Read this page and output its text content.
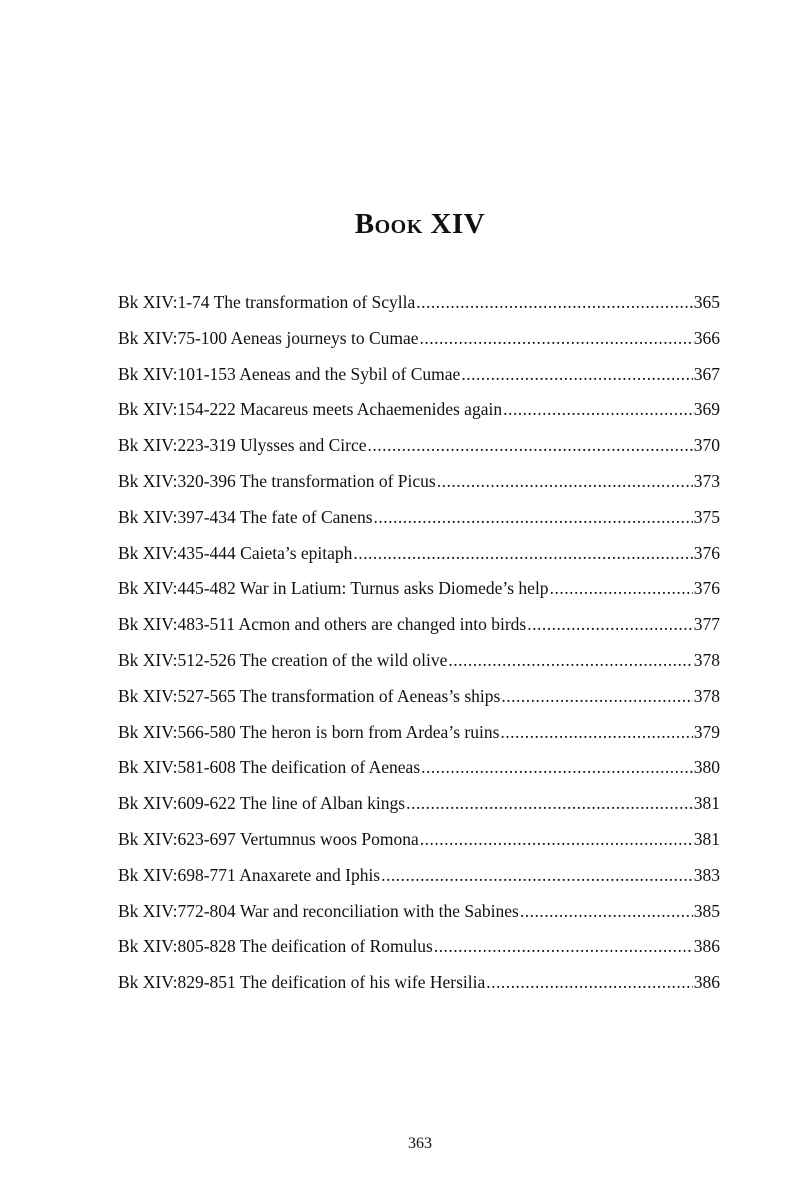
Book XIV
Bk XIV:1-74 The transformation of Scylla .....	365
Bk XIV:75-100 Aeneas journeys to Cumae .....	366
Bk XIV:101-153 Aeneas and the Sybil of Cumae .....	367
Bk XIV:154-222 Macareus meets Achaemenides again .....	369
Bk XIV:223-319 Ulysses and Circe .....	370
Bk XIV:320-396 The transformation of Picus .....	373
Bk XIV:397-434 The fate of Canens .....	375
Bk XIV:435-444 Caieta’s epitaph .....	376
Bk XIV:445-482 War in Latium: Turnus asks Diomede’s help .....	376
Bk XIV:483-511 Acmon and others are changed into birds .....	377
Bk XIV:512-526 The creation of the wild olive .....	378
Bk XIV:527-565 The transformation of Aeneas’s ships .....	378
Bk XIV:566-580 The heron is born from Ardea’s ruins .....	379
Bk XIV:581-608 The deification of Aeneas .....	380
Bk XIV:609-622 The line of Alban kings .....	381
Bk XIV:623-697 Vertumnus woos Pomona .....	381
Bk XIV:698-771 Anaxarete and Iphis .....	383
Bk XIV:772-804 War and reconciliation with the Sabines .....	385
Bk XIV:805-828 The deification of Romulus .....	386
Bk XIV:829-851 The deification of his wife Hersilia .....	386
363
